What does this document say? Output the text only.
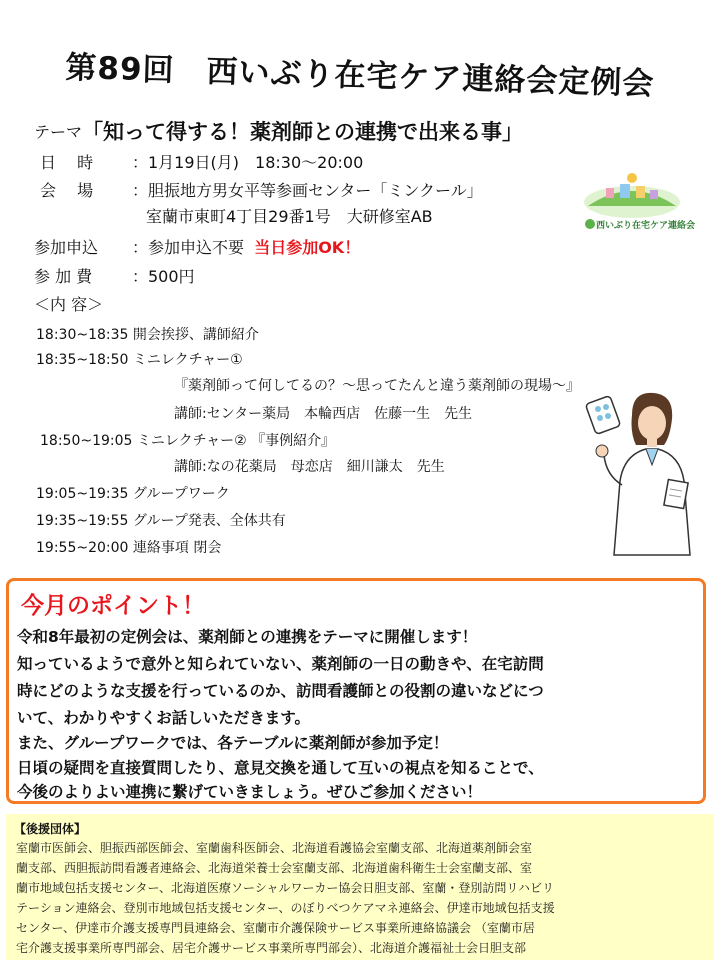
第89回　西いぶり在宅ケア連絡会定例会
テーマ「知って得する！薬剤師との連携で出来る事」
日　 時 ：1月19日(月)　18:30～20:00
会　 場 ：胆振地方男女平等参画センター「ミンクール」
室蘭市東町4丁目29番1号　大研修室AB
参加申込 ：参加申込不要 当日参加OK！
参 加 費 ：500円
＜内 容＞
18:30~18:35 開会挨拶、講師紹介
18:35~18:50 ミニレクチャー①
『薬剤師って何してるの？～思ってたんと違う薬剤師の現場～』
講師:センター薬局　本輪西店　佐藤一生　先生
18:50~19:05 ミニレクチャー② 『事例紹介』
講師:なの花薬局　母恋店　細川謙太　先生
19:05~19:35 グループワーク
19:35~19:55 グループ発表、全体共有
19:55~20:00 連絡事項 閉会
西いぶり在宅ケア連絡会
今月のポイント！
令和8年最初の定例会は、薬剤師との連携をテーマに開催します！
知っているようで意外と知られていない、薬剤師の一日の動きや、在宅訪問
時にどのような支援を行っているのか、訪問看護師との役割の違いなどにつ
いて、わかりやすくお話しいただきます。
また、グループワークでは、各テーブルに薬剤師が参加予定！
日頃の疑問を直接質問したり、意見交換を通して互いの視点を知ることで、
今後のよりよい連携に繋げていきましょう。ぜひご参加ください！
【後援団体】
室蘭市医師会、胆振西部医師会、室蘭歯科医師会、北海道看護協会室蘭支部、北海道薬剤師会室
蘭支部、西胆振訪問看護者連絡会、北海道栄養士会室蘭支部、北海道歯科衛生士会室蘭支部、室
蘭市地域包括支援センター、北海道医療ソーシャルワーカー協会日胆支部、室蘭・登別訪問リハビリ
テーション連絡会、登別市地域包括支援センター、のぼりべつケアマネ連絡会、伊達市地域包括支援
センター、伊達市介護支援専門員連絡会、室蘭市介護保険サービス事業所連絡協議会 （室蘭市居
宅介護支援事業所専門部会、居宅介護サービス事業所専門部会）、北海道介護福祉士会日胆支部
